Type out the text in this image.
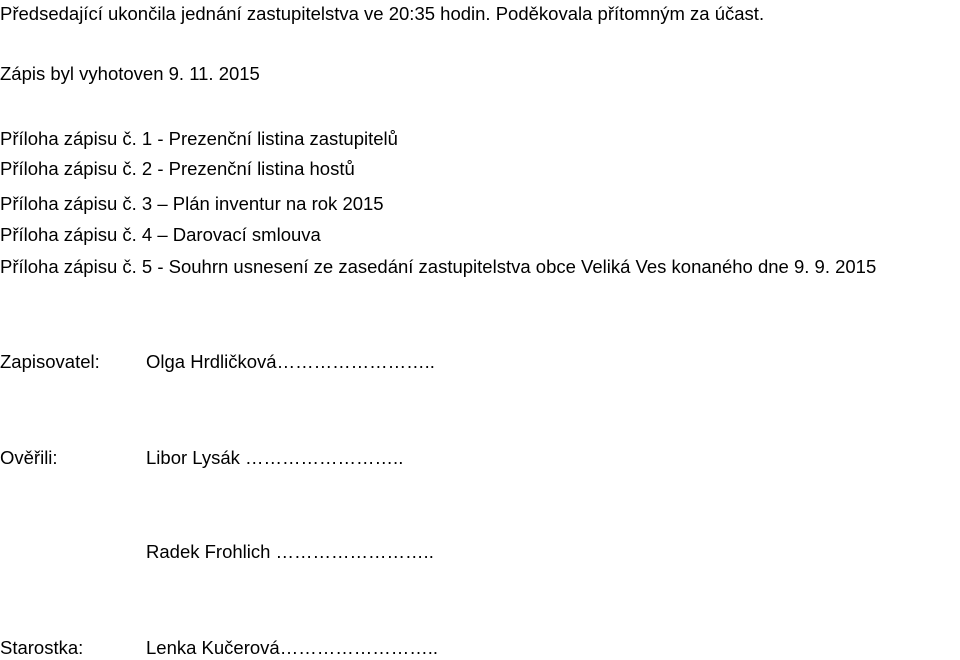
Předsedající ukončila jednání zastupitelstva ve 20:35 hodin. Poděkovala přítomným za účast.
Zápis byl vyhotoven 9. 11. 2015
Příloha zápisu č. 1 - Prezenční listina zastupitelů
Příloha zápisu č. 2 - Prezenční listina hostů
Příloha zápisu č. 3 – Plán inventur na rok 2015
Příloha zápisu č. 4 – Darovací smlouva
Příloha zápisu č. 5 - Souhrn usnesení ze zasedání zastupitelstva obce Veliká Ves konaného dne 9. 9. 2015
Zapisovatel:	Olga Hrdličková……………………..
Ověřili:	Libor Lysák ……………………..
Radek Frohlich ……………………..
Starostka:	Lenka Kučerová……………………..
